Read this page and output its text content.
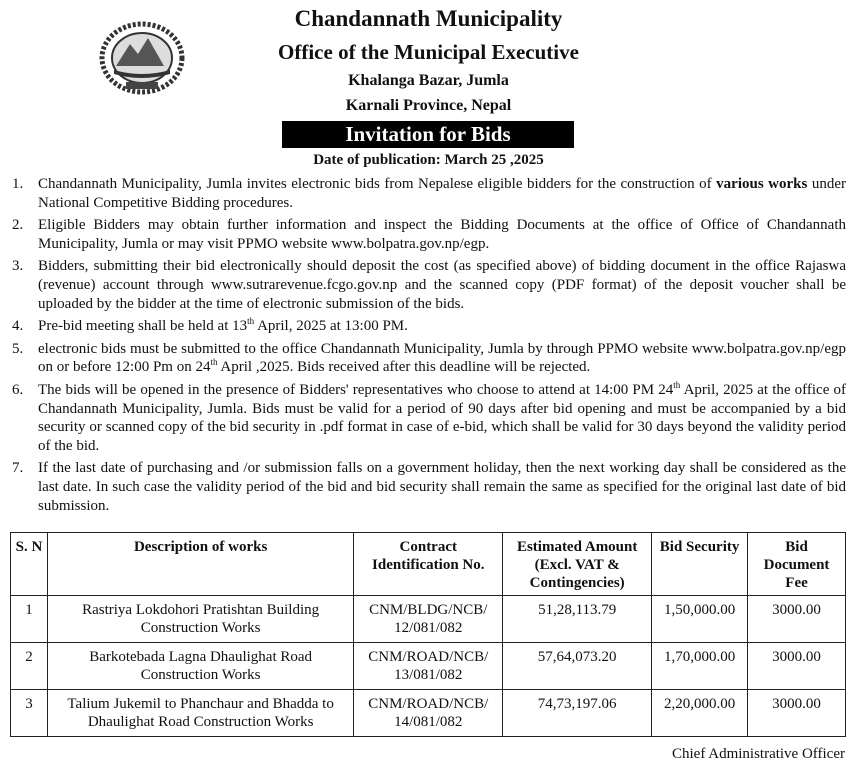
Chandannath Municipality
Office of the Municipal Executive
Khalanga Bazar, Jumla
Karnali Province, Nepal
Invitation for Bids
Date of publication: March 25 ,2025
1. Chandannath Municipality, Jumla invites electronic bids from Nepalese eligible bidders for the construction of various works under National Competitive Bidding procedures.
2. Eligible Bidders may obtain further information and inspect the Bidding Documents at the office of Office of Chandannath Municipality, Jumla or may visit PPMO website www.bolpatra.gov.np/egp.
3. Bidders, submitting their bid electronically should deposit the cost (as specified above) of bidding document in the office Rajaswa (revenue) account through www.sutrarevenue.fcgo.gov.np and the scanned copy (PDF format) of the deposit voucher shall be uploaded by the bidder at the time of electronic submission of the bids.
4. Pre-bid meeting shall be held at 13th April, 2025 at 13:00 PM.
5. electronic bids must be submitted to the office Chandannath Municipality, Jumla by through PPMO website www.bolpatra.gov.np/egp on or before 12:00 Pm on 24th April ,2025. Bids received after this deadline will be rejected.
6. The bids will be opened in the presence of Bidders' representatives who choose to attend at 14:00 PM 24th April, 2025 at the office of Chandannath Municipality, Jumla. Bids must be valid for a period of 90 days after bid opening and must be accompanied by a bid security or scanned copy of the bid security in .pdf format in case of e-bid, which shall be valid for 30 days beyond the validity period of the bid.
7. If the last date of purchasing and /or submission falls on a government holiday, then the next working day shall be considered as the last date. In such case the validity period of the bid and bid security shall remain the same as specified for the original last date of bid submission.
S. N	Description of works	Contract Identification No.	Estimated Amount (Excl. VAT & Contingencies)	Bid Security	Bid Document Fee
1	Rastriya Lokdohori Pratishtan Building Construction Works	CNM/BLDG/NCB/ 12/081/082	51,28,113.79	1,50,000.00	3000.00
2	Barkotebada Lagna Dhaulighat Road Construction Works	CNM/ROAD/NCB/ 13/081/082	57,64,073.20	1,70,000.00	3000.00
3	Talium Jukemil to Phanchaur and Bhadda to Dhaulighat Road Construction Works	CNM/ROAD/NCB/ 14/081/082	74,73,197.06	2,20,000.00	3000.00
Chief Administrative Officer
